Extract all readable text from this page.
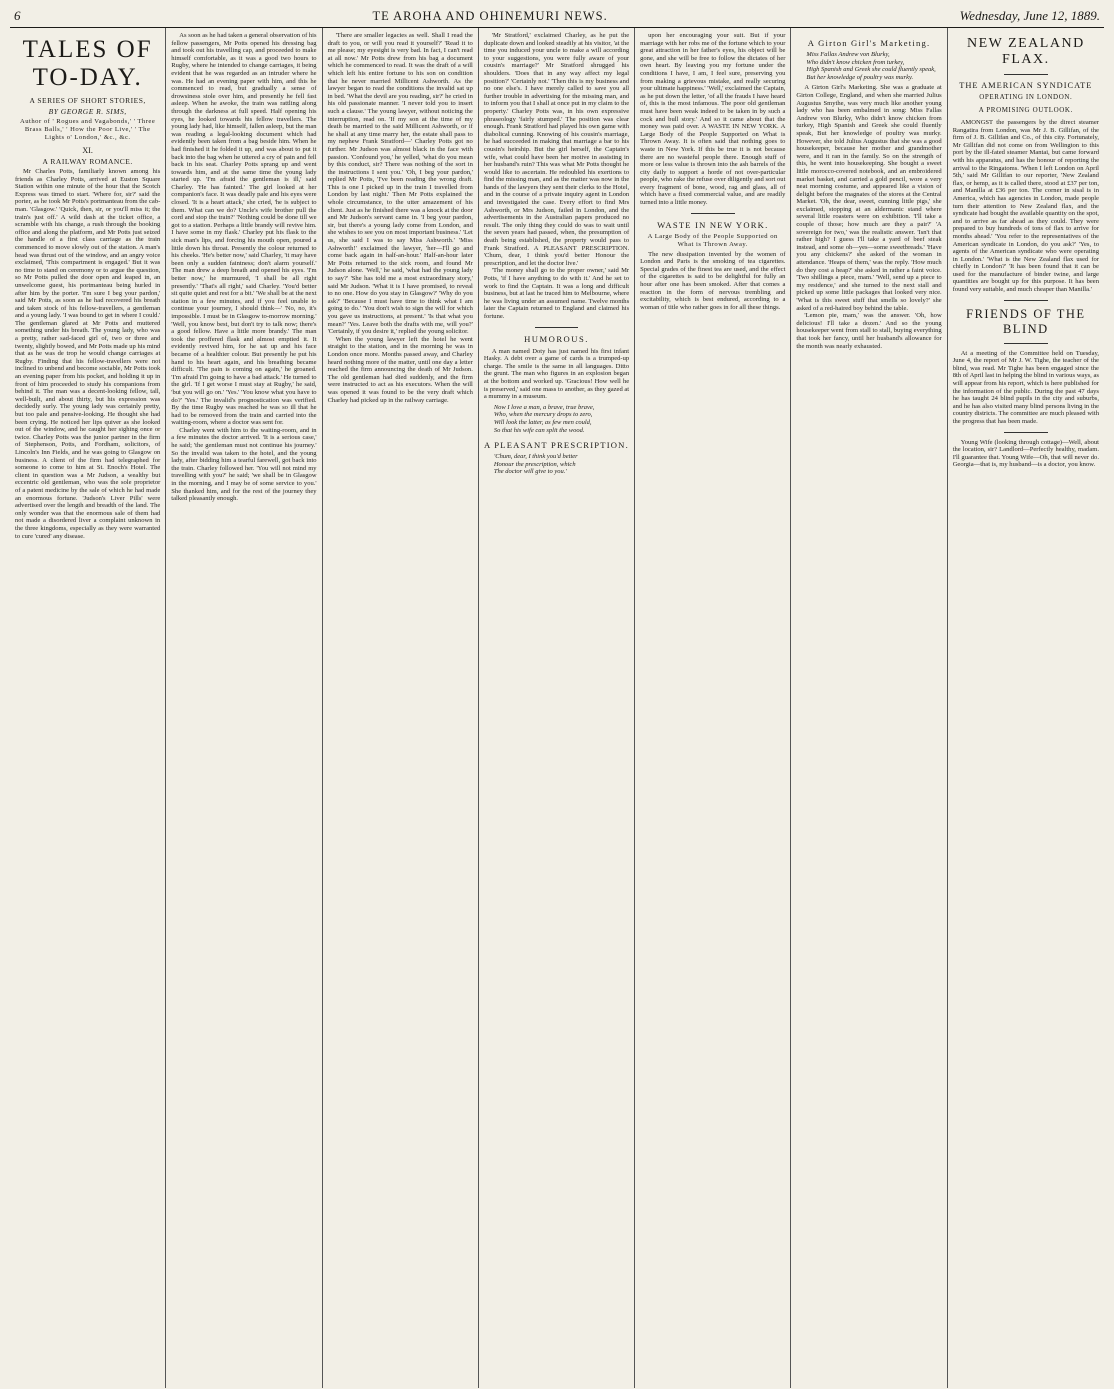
6	TE AROHA AND OHINEMURI NEWS.	Wednesday, June 12, 1889.
TALES OF TO-DAY.
A SERIES OF SHORT STORIES,
BY GEORGE R. SIMS,
Author of ' Rogues and Vagabonds,' ' Three Brass Balls,' ' How the Poor Live,' ' The Lights o' London,' &c., &c.
XI.
A RAILWAY ROMANCE.

Mr Charles Potts, familiarly known among his friends as Charley Potts, arrived at Euston Square Station within one minute of the hour that the Scotch Express was timed to start. 'Where for, sir?' said the porter, as he took Mr Potts's portmanteau from the cab-man. 'Glasgow.' 'Quick, then, sir, or you'll miss it; the train's just off.' A wild dash at the ticket office, a scramble with his change, a rush through the booking office and along the platform, and Mr Potts just seized the handle of a first class carriage as the train commenced to move slowly out of the station. A man's head was thrust out of the window, and an angry voice exclaimed, 'This compartment is engaged.' But it was no time to stand on ceremony or to argue the question, so Mr Potts pulled the door open and leaped in, an unwelcome guest, his portmanteau being hurled in after him by the porter. 'I'm sure I beg your pardon,' said Mr Potts, as soon as he had recovered his breath and taken stock of his fellow-travellers, a gentleman and a young lady. 'I was bound to get in where I could.' The gentleman glared at Mr Potts and muttered something under his breath. The young lady, who was a pretty, rather sad-faced girl of, two or three and twenty, slightly bowed, and Mr Potts made up his mind that as he was de trop he would change carriages at Rugby. Finding that his fellow-travellers were not inclined to unbend and become sociable, Mr Potts took an evening paper from his pocket, and holding it up in front of him proceeded to study his companions from behind it. The man was a decent-looking fellow, tall, well-built, and about thirty, but his expression was decidedly surly. The young lady was certainly pretty, but too pale and pensive-looking. He thought she had been crying. He noticed her lips quiver as she looked out of the window, and he caught her sighing once or twice. Charley Potts was the junior partner in the firm of Stephenson, Potts, and Fordham, solicitors, of Lincoln's Inn Fields, and he was going to Glasgow on business. A client of the firm had telegraphed for someone to come to him at St. Enoch's Hotel. The client in question was a Mr Judson, a wealthy but eccentric old gentleman, who was the sole proprietor of a patent medicine by the sale of which he had made an enormous fortune. 'Judson's Liver Pills' were advertised over the length and breadth of the land. The only wonder was that the enormous sale of them had not made a disordered liver a complaint unknown in the three kingdoms, especially as they were warranted to cure 'cured' any disease.

As soon as he had taken a general observation of his fellow passengers, Mr Potts opened his dressing bag and took out his travelling cap, and proceeded to make himself comfortable, as it was a good two hours to Rugby, where he intended to change carriages, it being evident that he was regarded as an intruder where he was. He had an evening paper with him, and this he commenced to read, but gradually a sense of drowsiness stole over him, and presently he fell fast asleep. When he awoke, the train was rattling along through the darkness at full speed. Half opening his eyes, he looked towards his fellow travellers. The young lady had, like himself, fallen asleep, but the man was reading a legal-looking document which had evidently been taken from a bag beside him. When he had finished it he folded it up, and was about to put it back into the bag when he uttered a cry of pain and fell back in his seat. Charley Potts sprang up and went towards him, and at the same time the young lady started up. 'I'm afraid the gentleman is ill,' said Charley. 'He has fainted.' The girl looked at her companion's face. It was deadly pale and his eyes were closed. 'It is a heart attack,' she cried, 'he is subject to them. What can we do? Uncle's wife brother pull the cord and stop the train?' 'Nothing could be done till we got to a station. Perhaps a little brandy will revive him. I have some in my flask.' Charley put his flask to the sick man's lips, and forcing his mouth open, poured a little down his throat. Presently the colour returned to his cheeks. 'He's better now,' said Charley, 'it may have been only a sudden faintness; don't alarm yourself.' The man drew a deep breath and opened his eyes. 'I'm better now,' he murmured, 'I shall be all right presently.' 'That's all right,' said Charley. 'You'd better sit quite quiet and rest for a bit.' 'We shall be at the next station in a few minutes, and if you feel unable to continue your journey, I should think—' 'No, no, it's impossible. I must be in Glasgow to-morrow morning.' 'Well, you know best, but don't try to talk now; there's a good fellow. Have a little more brandy.' The man took the proffered flask and almost emptied it. It evidently revived him, for he sat up and his face became of a healthier colour. But presently he put his hand to his heart again, and his breathing became difficult. 'The pain is coming on again,' he groaned. 'I'm afraid I'm going to have a bad attack.' He turned to the girl. 'If I get worse I must stay at Rugby,' he said, 'but you will go on.' 'Yes.' 'You know what you have to do?' 'Yes.' The invalid's prognostication was verified. By the time Rugby was reached he was so ill that he had to be removed from the train and carried into the waiting-room, where a doctor was sent for.

Charley went with him to the waiting-room, and in a few minutes the doctor arrived. 'It is a serious case,' he said; 'the gentleman must not continue his journey.' So the invalid was taken to the hotel, and the young lady, after bidding him a tearful farewell, got back into the train. Charley followed her. 'You will not mind my travelling with you?' he said; 'we shall be in Glasgow in the morning, and I may be of some service to you.' She thanked him, and for the rest of the journey they talked pleasantly enough.

'There are smaller legacies as well. Shall I read the draft to you, or will you read it yourself?' 'Read it to me please; my eyesight is very bad. In fact, I can't read at all now.' Mr Potts drew from his bag a document which he commenced to read. It was the draft of a will which left his entire fortune to his son on condition that he never married Millicent Ashworth. As the lawyer began to read the conditions the invalid sat up in bed. 'What the devil are you reading, sir?' he cried in his old passionate manner. 'I never told you to insert such a clause.' The young lawyer, without noticing the interruption, read on. 'If my son at the time of my death be married to the said Millicent Ashworth, or if he shall at any time marry her, the estate shall pass to my nephew Frank Stratford—' Charley Potts got no further. Mr Judson was almost black in the face with passion. 'Confound you,' he yelled, 'what do you mean by this conduct, sir? There was nothing of the sort in the instructions I sent you.' 'Oh, I beg your pardon,' replied Mr Potts, 'I've been reading the wrong draft. This is one I picked up in the train I travelled from London by last night.' Then Mr Potts explained the whole circumstance, to the utter amazement of his client. Just as he finished there was a knock at the door and Mr Judson's servant came in. 'I beg your pardon, sir, but there's a young lady come from London, and she wishes to see you on most important business.' 'Let us, she said I was to say Miss Ashworth.' 'Miss Ashworth!' exclaimed the lawyer, 'her—I'll go and come back again in half-an-hour.' Half-an-hour later Mr Potts returned to the sick room, and found Mr Judson alone. 'Well,' he said, 'what had the young lady to say?' 'She has told me a most extraordinary story,' said Mr Judson. 'What it is I have promised, to reveal to no one. How do you stay in Glasgow?' 'Why do you ask?' 'Because I must have time to think what I am going to do.' 'You don't wish to sign the will for which you gave us instructions, at present.' 'Is that what you mean?' 'Yes. Leave both the drafts with me, will you?' 'Certainly, if you desire it,' replied the young solicitor.

When the young lawyer left the hotel he went straight to the station, and in the morning he was in London once more. Months passed away, and Charley heard nothing more of the matter, until one day a letter reached the firm announcing the death of Mr Judson. The old gentleman had died suddenly, and the firm were instructed to act as his executors. When the will was opened it was found to be the very draft which Charley had picked up in the railway carriage.

'Mr Stratford,' exclaimed Charley, as he put the duplicate down and looked steadily at his visitor, 'at the time you induced your uncle to make a will according to your suggestions, you were fully aware of your cousin's marriage?' Mr Stratford shrugged his shoulders. 'Does that in any way affect my legal position?' 'Certainly not.' 'Then this is my business and no one else's. I have merely called to save you all further trouble in advertising for the missing man, and to inform you that I shall at once put in my claim to the property.' Charley Potts was, in his own expressive phraseology 'fairly stumped.' The position was clear enough. Frank Stratford had played his own game with diabolical cunning. Knowing of his cousin's marriage, he had succeeded in making that marriage a bar to his cousin's heirship. But the girl herself, the Captain's wife, what could have been her motive in assisting in her husband's ruin? This was what Mr Potts thought he would like to ascertain. He redoubled his exertions to find the missing man, and as the matter was now in the hands of the lawyers they sent their clerks to the Hotel, and in the course of a private inquiry agent in London and investigated the case. Every effort to find Mrs Ashworth, or Mrs Judson, failed in London, and the advertisements in the Australian papers produced no result. The only thing they could do was to wait until the seven years had passed, when, the presumption of death being established, the property would pass to Frank Stratford. A PLEASANT PRESCRIPTION. 'Chum, dear, I think you'd better Honour the prescription, and let the doctor live.'

'The money shall go to the proper owner,' said Mr Potts, 'if I have anything to do with it.' And he set to work to find the Captain. It was a long and difficult business, but at last he traced him to Melbourne, where he was living under an assumed name. Twelve months later the Captain returned to England and claimed his fortune.

HUMOROUS.

A man named Doty has just named his first infant Hasky. A debt over a game of cards is a trumped-up charge. The smile is the same in all languages. Ditto the grunt. The man who figures in an explosion began at the bottom and worked up. 'Gracious! How well he is preserved,' said one mass to another, as they gazed at a mummy in a museum.

Now I love a man, a brave, true brave,
Who, when the mercury drops to zero,
Will look the latter, as few men could,
So that his wife can split the wood.
A PLEASANT PRESCRIPTION.
'Chum, dear, I think you'd better
Honour the prescription, which
The doctor will give to you.'

upon her encouraging your suit. But if your marriage with her robs me of the fortune which to your great attraction in her father's eyes, his object will be gone, and she will be free to follow the dictates of her own heart. By leaving you my fortune under the conditions I have, I am, I feel sure, preserving you from making a grievous mistake, and really securing your ultimate happiness.' 'Well,' exclaimed the Captain, as he put down the letter, 'of all the frauds I have heard of, this is the most infamous. The poor old gentleman must have been weak indeed to be taken in by such a cock and bull story.' And so it came about that the money was paid over. A WASTE IN NEW YORK. A Large Body of the People Supported on What is Thrown Away. It is often said that nothing goes to waste in New York. If this be true it is not because there are no wasteful people there. Enough stuff of more or less value is thrown into the ash barrels of the city daily to support a horde of not over-particular people, who rake the refuse over diligently and sort out every fragment of bone, wood, rag and glass, all of which have a fixed commercial value, and are readily turned into a little money.

WASTE IN NEW YORK.
A Large Body of the People Supported on What is Thrown Away.

The new dissipation invented by the women of London and Paris is the smoking of tea cigarettes. Special grades of the finest tea are used, and the effect of the cigarettes is said to be delightful for fully an hour after one has been smoked. After that comes a reaction in the form of nervous trembling and excitability, which is best endured, according to a woman of title who rather goes in for all these things.

A Girton Girl's Marketing.
Miss Fallas Andrew von Blurky,
Who didn't know chicken from turkey,
High Spanish and Greek she could fluently speak,
But her knowledge of poultry was murky.

A Girton Girl's Marketing. She was a graduate at Girton College, England, and when she married Julius Augustus Smythe, was very much like another young lady who has been embalmed in song: Miss Fallas Andrew von Blurky, Who didn't know chicken from turkey, High Spanish and Greek she could fluently speak, But her knowledge of poultry was murky. However, she told Julius Augustus that she was a good housekeeper, because her mother and grandmother were, and it ran in the family. So on the strength of this, he went into housekeeping. She bought a sweet little morocco-covered notebook, and an embroidered market basket, and carried a gold pencil, wore a very neat morning costume, and appeared like a vision of delight before the magnates of the stores at the Central Market. 'Oh, the dear, sweet, cunning little pigs,' she exclaimed, stopping at an aldermanic stand where several little roasters were on exhibition. 'I'll take a couple of those; how much are they a pair?' 'A sovereign for two,' was the realistic answer. 'Isn't that rather high? I guess I'll take a yard of beef steak instead, and some oh—yes—some sweetbreads.' 'Have you any chickens?' she asked of the woman in attendance. 'Heaps of them,' was the reply. 'How much do they cost a heap?' she asked in rather a faint voice. 'Two shillings a piece, mam.' 'Well, send up a piece to my residence,' and she turned to the next stall and picked up some little packages that looked very nice. 'What is this sweet stuff that smells so lovely?' she asked of a red-haired boy behind the table.

'Lemon pie, mam,' was the answer. 'Oh, how delicious! I'll take a dozen.' And so the young housekeeper went from stall to stall, buying everything that took her fancy, until her husband's allowance for the month was nearly exhausted.

NEW ZEALAND FLAX.
THE AMERICAN SYNDICATE
OPERATING IN LONDON.
A PROMISING OUTLOOK.

AMONGST the passengers by the direct steamer Rangatira from London, was Mr J. B. Gillifan, of the firm of J. B. Gillifan and Co., of this city. Fortunately, Mr Gillifan did not come on from Wellington to this port by the ill-fated steamer Mantai, but came forward with his apparatus, and has the honour of reporting the arrival to the Ringatoms. 'When I left London on April 5th,' said Mr Gillifan to our reporter, 'New Zealand flax, or hemp, as it is called there, stood at £37 per ton, and Manilla at £36 per ton. The corner in sisal is in America, which has agencies in London, made people turn their attention to New Zealand flax, and the syndicate had bought the available quantity on the spot, and to arrive as far ahead as they could. They were prepared to buy hundreds of tons of flax to arrive for months ahead.' 'You refer to the representatives of the American syndicate in London, do you ask?' 'Yes, to agents of the American syndicate who were operating in London.' 'What is the New Zealand flax used for chiefly in London?' 'It has been found that it can be used for the manufacture of binder twine, and large quantities are bought up for this purpose. It has been found very suitable, and much cheaper than Manilla.'

FRIENDS OF THE BLIND

At a meeting of the Committee held on Tuesday, June 4, the report of Mr J. W. Tighe, the teacher of the blind, was read. Mr Tighe has been engaged since the 8th of April last in helping the blind in various ways, as will appear from his report, which is here published for the information of the public. During the past 47 days he has taught 24 blind pupils in the city and suburbs, and he has also visited many blind persons living in the country districts. The committee are much pleased with the progress that has been made.

Young Wife (looking through cottage)—Well, about the location, sir? Landlord—Perfectly healthy, madam. I'll guarantee that. Young Wife—Oh, that will never do. Georgia—that is, my husband—is a doctor, you know.
